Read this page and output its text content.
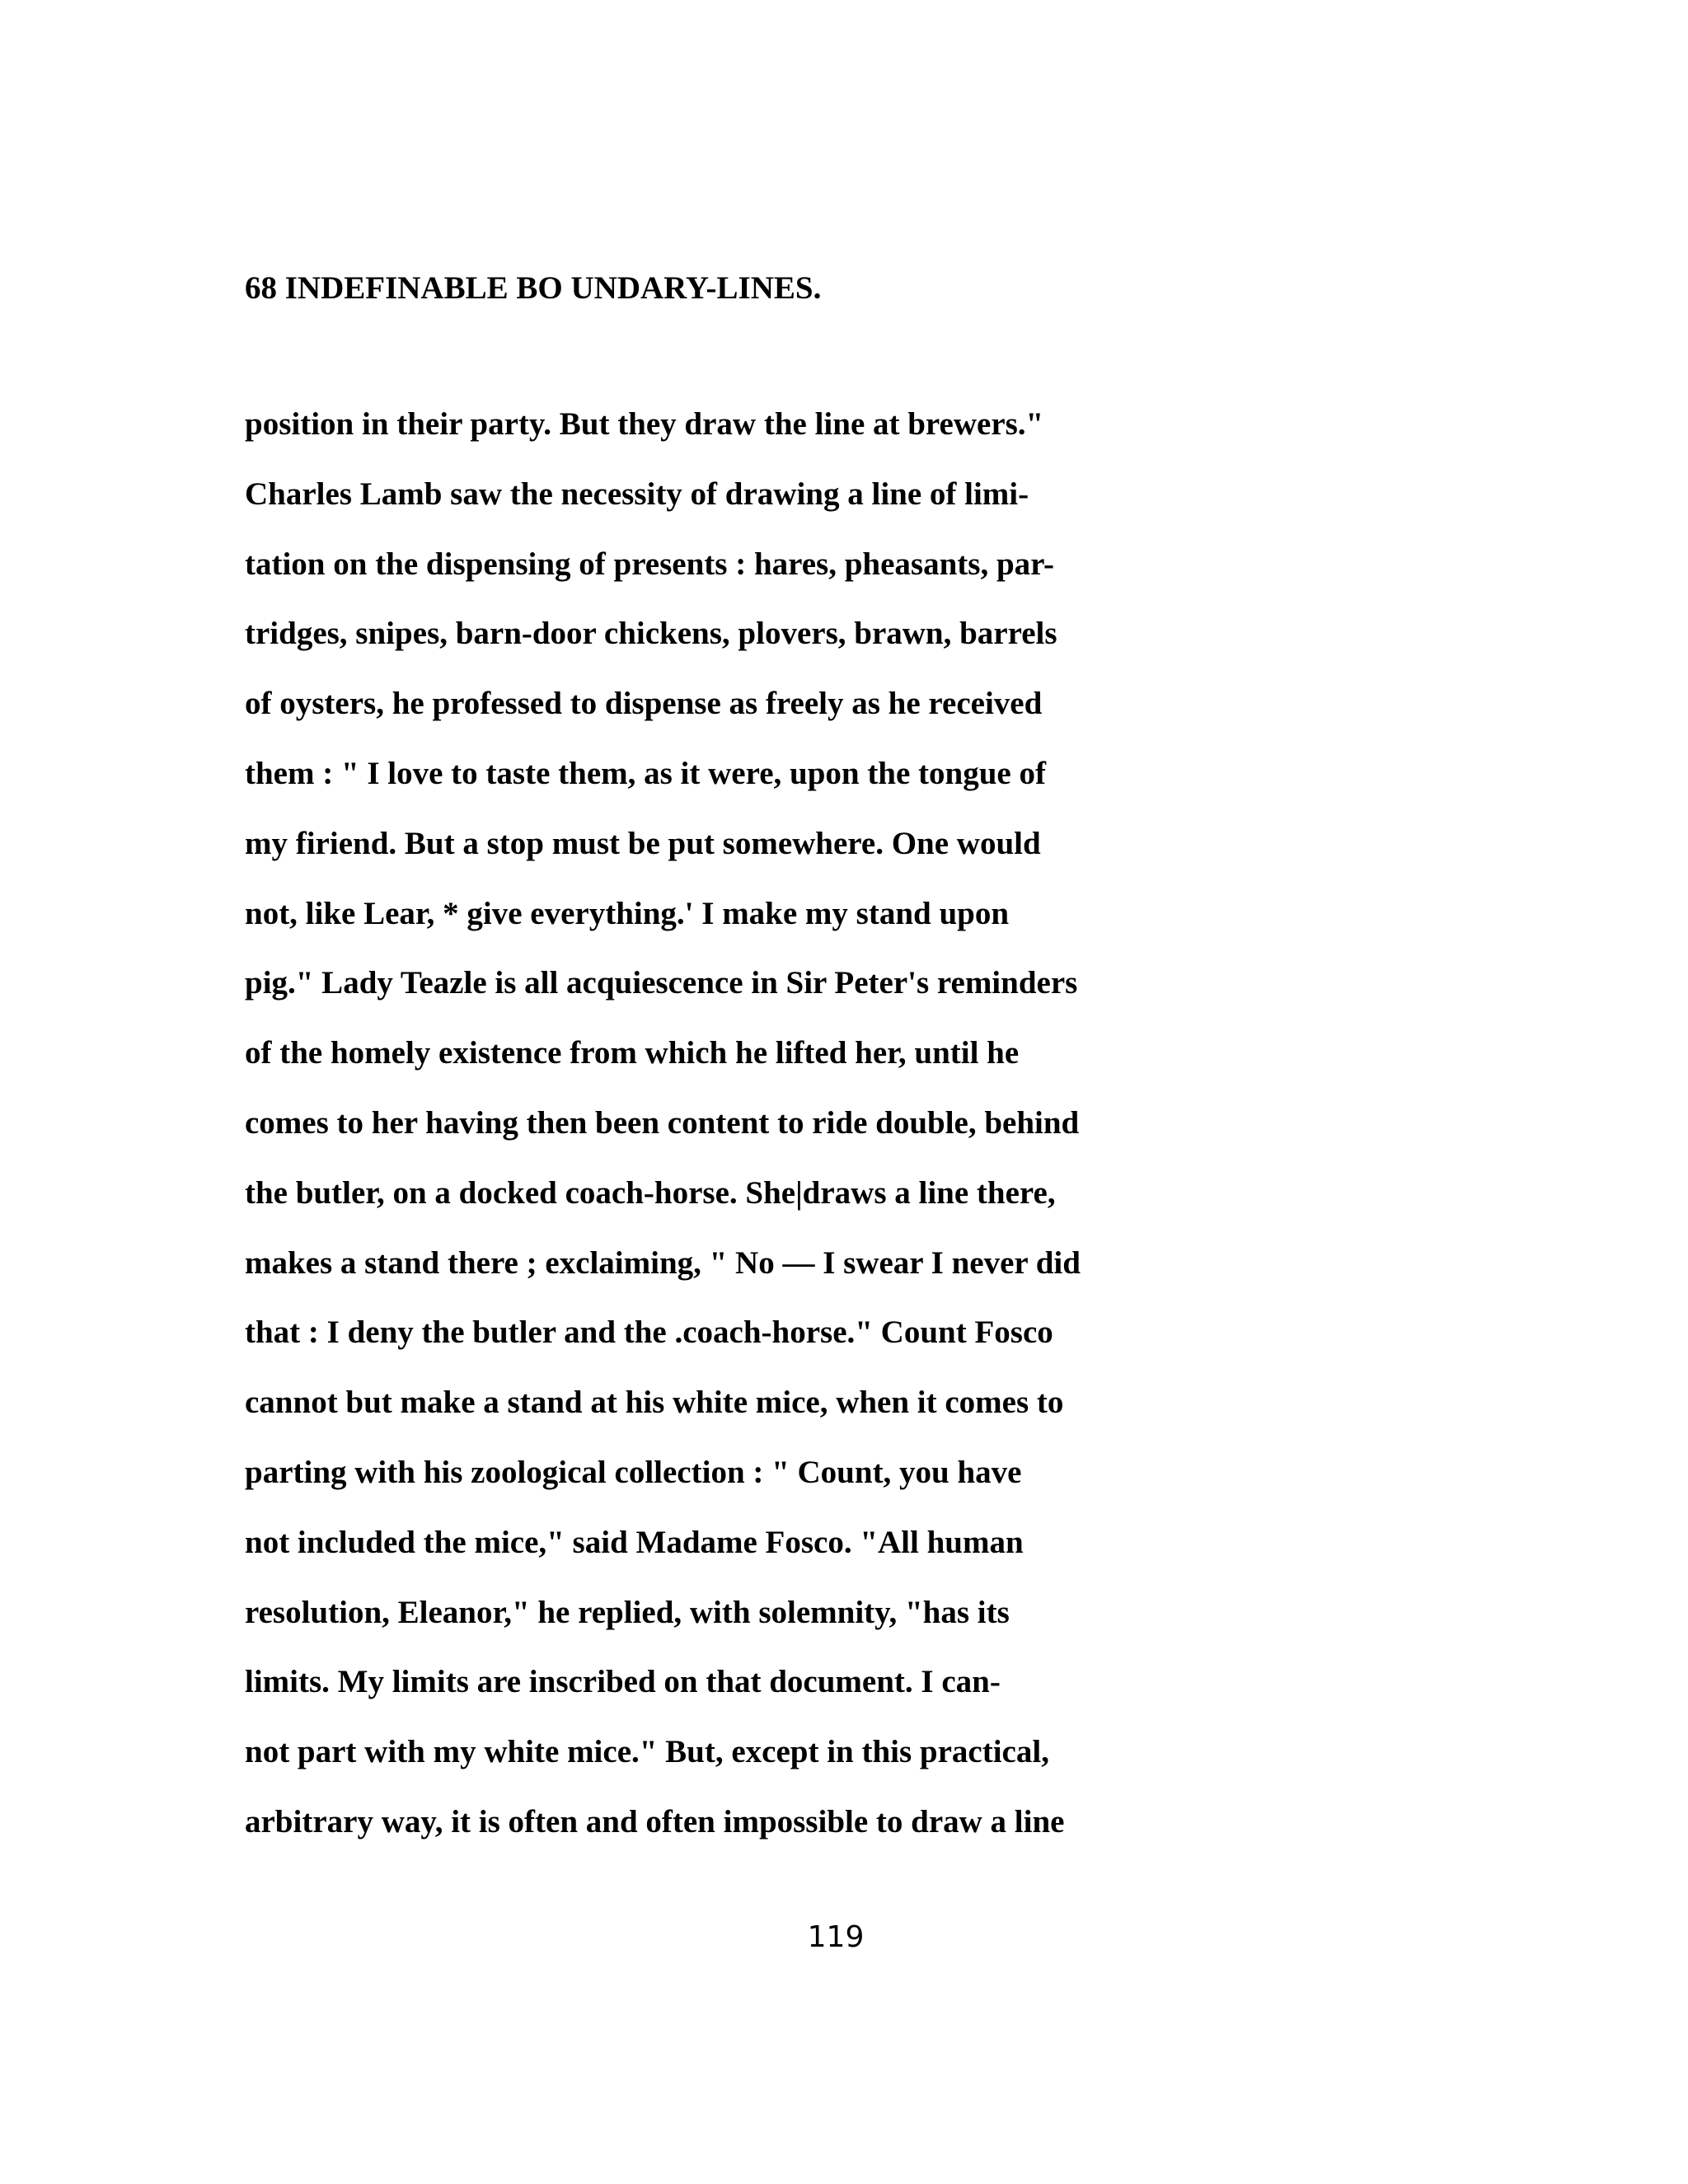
68 INDEFINABLE BO UNDARY-LINES.
position in their party. But they draw the line at brewers."
Charles Lamb saw the necessity of drawing a line of limi-
tation on the dispensing of presents : hares, pheasants, par-
tridges, snipes, barn-door chickens, plovers, brawn, barrels
of oysters, he professed to dispense as freely as he received
them : " I love to taste them, as it were, upon the tongue of
my firiend. But a stop must be put somewhere. One would
not, like Lear, * give everything.' I make my stand upon
pig." Lady Teazle is all acquiescence in Sir Peter's reminders
of the homely existence from which he lifted her, until he
comes to her having then been content to ride double, behind
the butler, on a docked coach-horse. She|draws a line there,
makes a stand there ; exclaiming, " No — I swear I never did
that : I deny the butler and the .coach-horse." Count Fosco
cannot but make a stand at his white mice, when it comes to
parting with his zoological collection : " Count, you have
not included the mice," said Madame Fosco. "All human
resolution, Eleanor," he replied, with solemnity, "has its
limits. My limits are inscribed on that document. I can-
not part with my white mice." But, except in this practical,
arbitrary way, it is often and often impossible to draw a line
119
